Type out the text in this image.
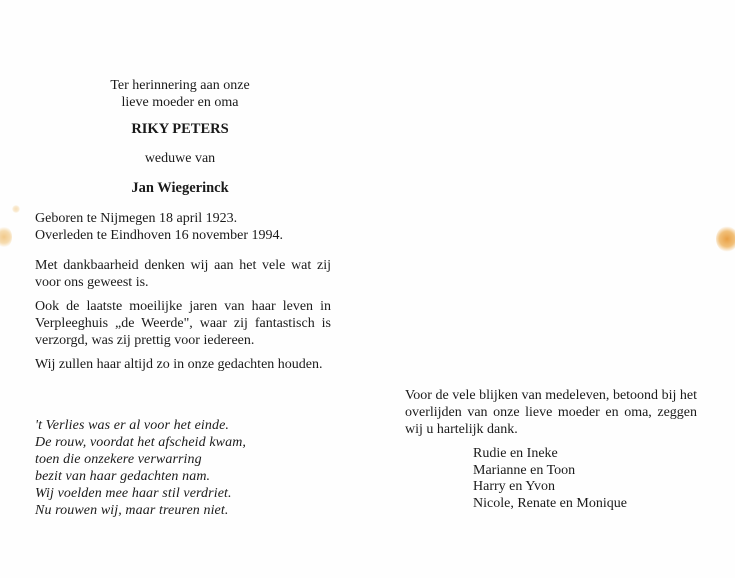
Ter herinnering aan onze
lieve moeder en oma
RIKY PETERS
weduwe van
Jan Wiegerinck
Geboren te Nijmegen 18 april 1923.
Overleden te Eindhoven 16 november 1994.
Met dankbaarheid denken wij aan het vele wat zij voor ons geweest is.
Ook de laatste moeilijke jaren van haar leven in Verpleeghuis „de Weerde", waar zij fantastisch is verzorgd, was zij prettig voor iedereen.
Wij zullen haar altijd zo in onze gedachten houden.
't Verlies was er al voor het einde.
De rouw, voordat het afscheid kwam,
toen die onzekere verwarring
bezit van haar gedachten nam.
Wij voelden mee haar stil verdriet.
Nu rouwen wij, maar treuren niet.
Voor de vele blijken van medeleven, betoond bij het overlijden van onze lieve moeder en oma, zeggen wij u hartelijk dank.
Rudie en Ineke
Marianne en Toon
Harry en Yvon
Nicole, Renate en Monique
